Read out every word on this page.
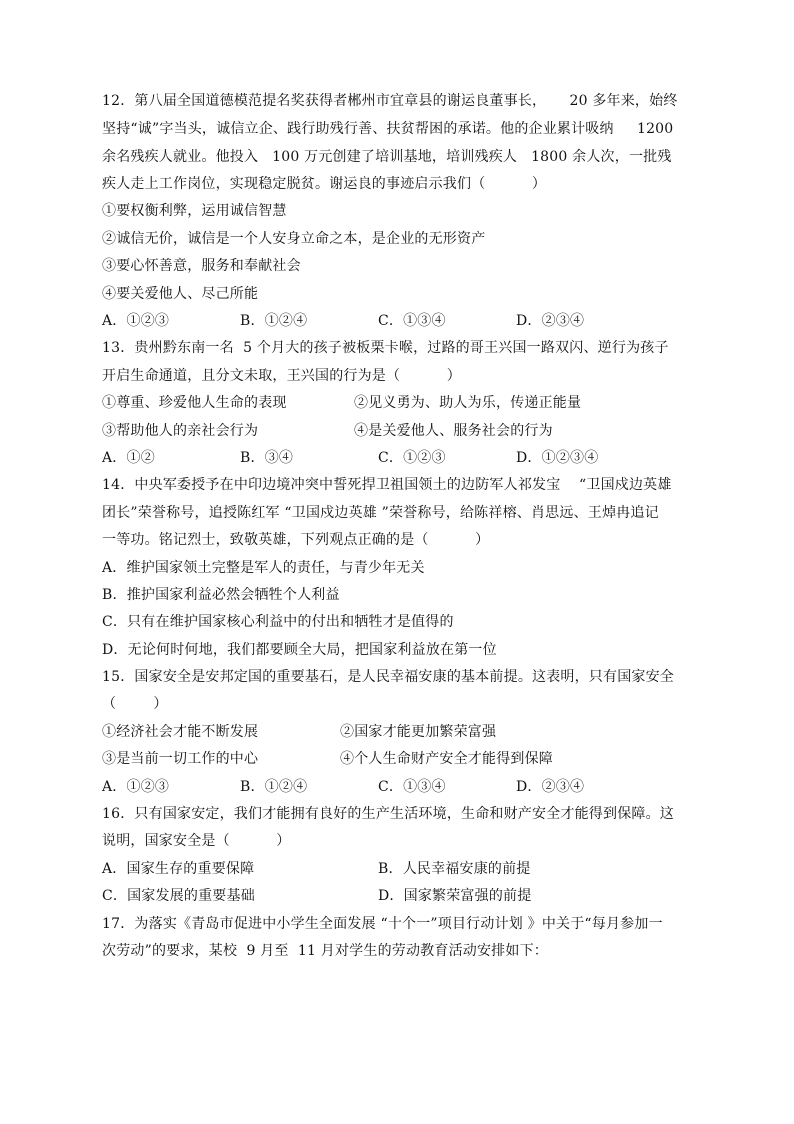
12．第八届全国道德模范提名奖获得者郴州市宜章县的谢运良董事长，     20 多年来，始终
坚持“诚”字当头，诚信立企、践行助残行善、扶贫帮困的承诺。他的企业累计吸纳     1200
余名残疾人就业。他投入   100 万元创建了培训基地，培训残疾人   1800 余人次，一批残
疾人走上工作岗位，实现稳定脱贫。谢运良的事迹启示我们（          ）
①要权衡利弊，运用诚信智慧
②诚信无价，诚信是一个人安身立命之本，是企业的无形资产
③要心怀善意，服务和奉献社会
④要关爱他人、尽己所能
A．①②③	B．①②④	C．①③④	D．②③④
13．贵州黔东南一名  5 个月大的孩子被板栗卡喉，过路的哥王兴国一路双闪、逆行为孩子
开启生命通道，且分文未取，王兴国的行为是（          ）
①尊重、珍爱他人生命的表现	②见义勇为、助人为乐，传递正能量
③帮助他人的亲社会行为	④是关爱他人、服务社会的行为
A．①②	B．③④	C．①②③	D．①②③④
14．中央军委授予在中印边境冲突中誓死捍卫祖国领土的边防军人祁发宝    “卫国戍边英雄
团长”荣誉称号，追授陈红军 “卫国戍边英雄 ”荣誉称号，给陈祥榕、肖思远、王焯冉追记
一等功。铭记烈士，致敬英雄，下列观点正确的是（          ）
A．维护国家领土完整是军人的责任，与青少年无关
B．推护国家利益必然会牺牲个人利益
C．只有在维护国家核心利益中的付出和牺牲才是值得的
D．无论何时何地，我们都要顾全大局，把国家利益放在第一位
15．国家安全是安邦定国的重要基石，是人民幸福安康的基本前提。这表明，只有国家安全
（        ）
①经济社会才能不断发展	②国家才能更加繁荣富强
③是当前一切工作的中心	④个人生命财产安全才能得到保障
A．①②③	B．①②④	C．①③④	D．②③④
16．只有国家安定，我们才能拥有良好的生产生活环境，生命和财产安全才能得到保障。这
说明，国家安全是（          ）
A．国家生存的重要保障	B．人民幸福安康的前提
C．国家发展的重要基础	D．国家繁荣富强的前提
17．为落实《青岛市促进中小学生全面发展 “十个一”项目行动计划 》中关于“每月参加一
次劳动”的要求，某校  9 月至  11 月对学生的劳动教育活动安排如下：
